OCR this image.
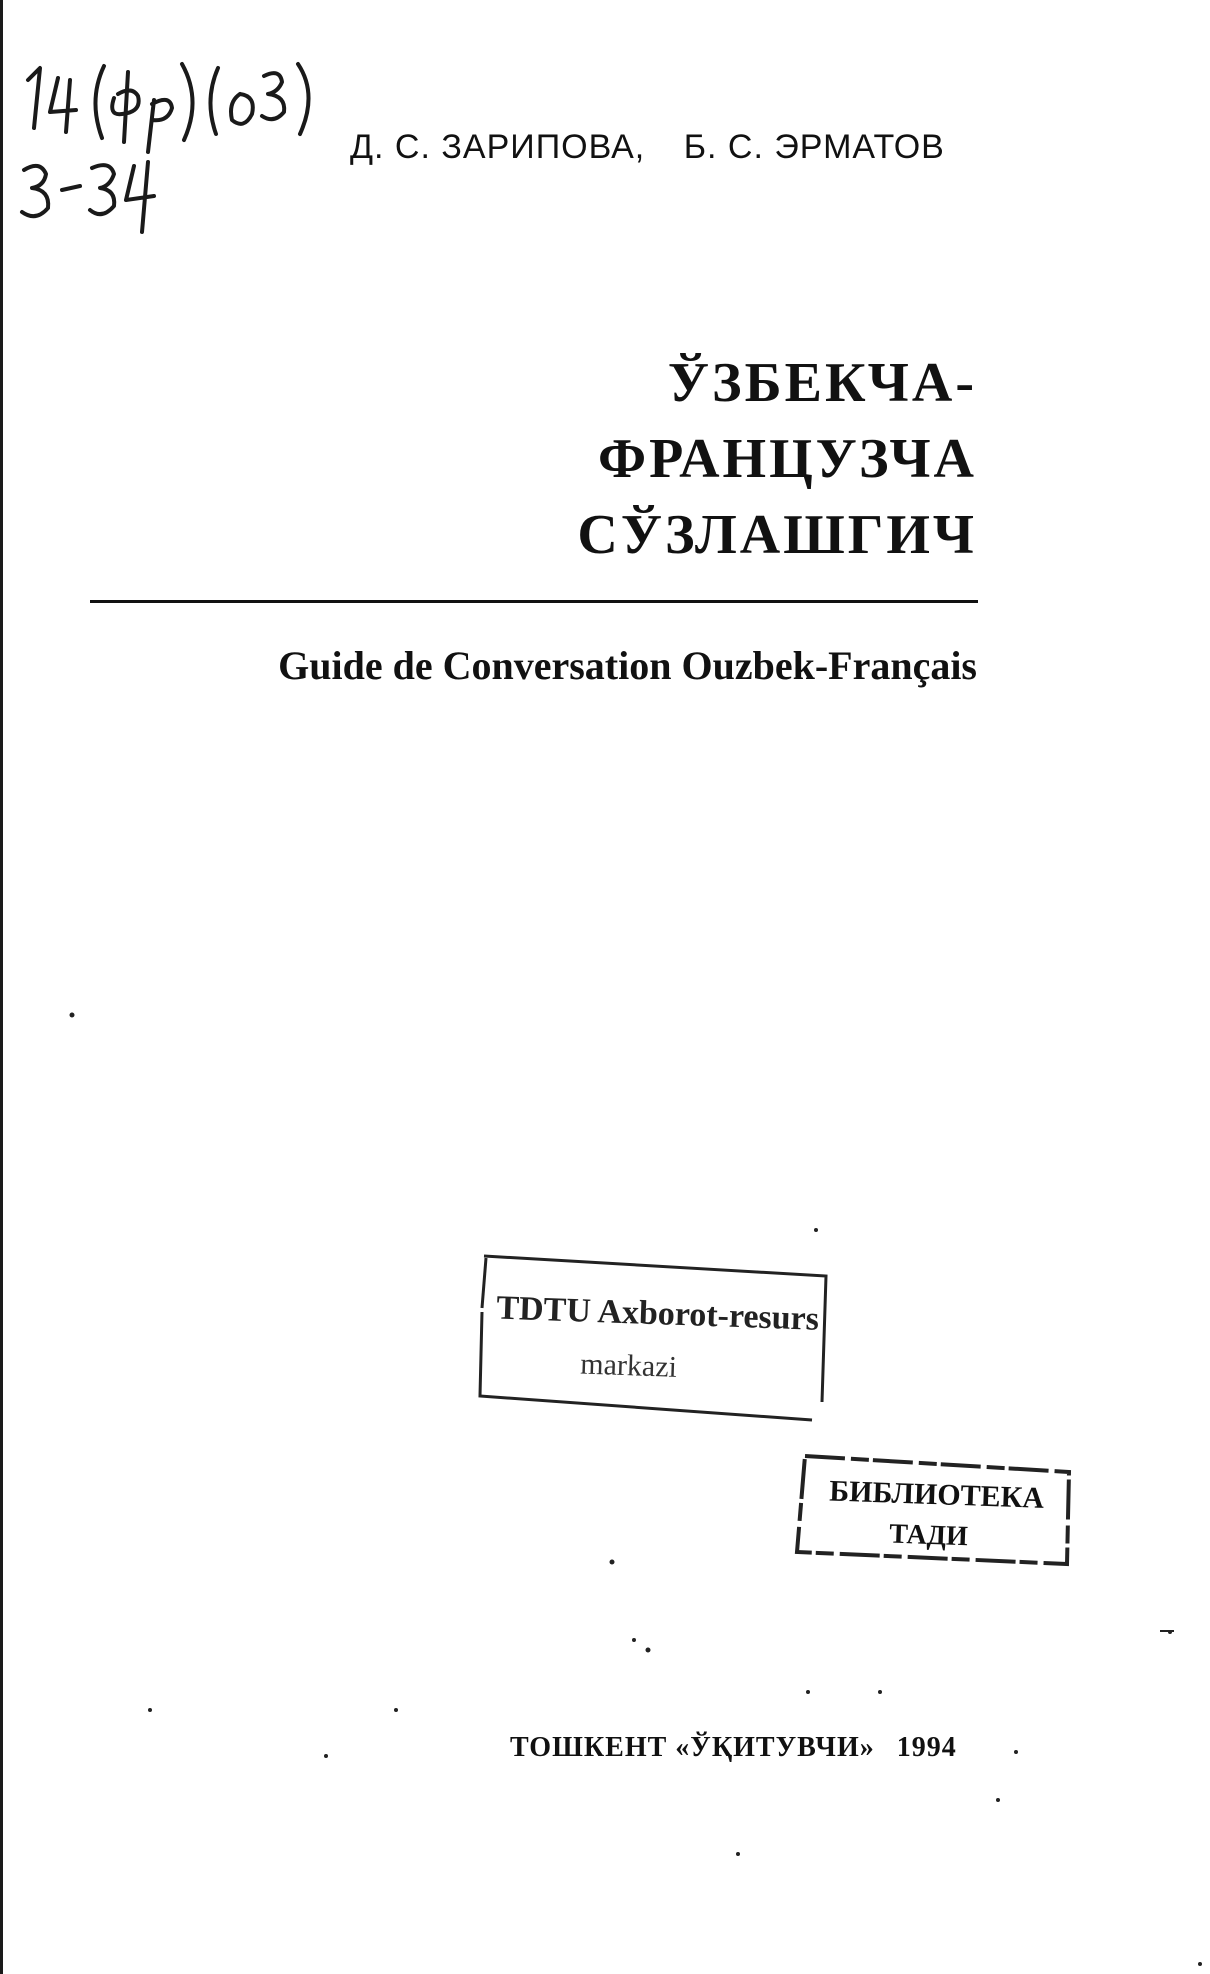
Д. С. ЗАРИПОВА, Б. С. ЭРМАТОВ
ЎЗБЕКЧА-
ФРАНЦУЗЧА
СЎЗЛАШГИЧ
Guide de Conversation Ouzbek-Français
TDTU Axborot-resurs
markazi
БИБЛИОТЕКА
ТАДИ
ТОШКЕНТ «ЎҚИТУВЧИ» 1994
